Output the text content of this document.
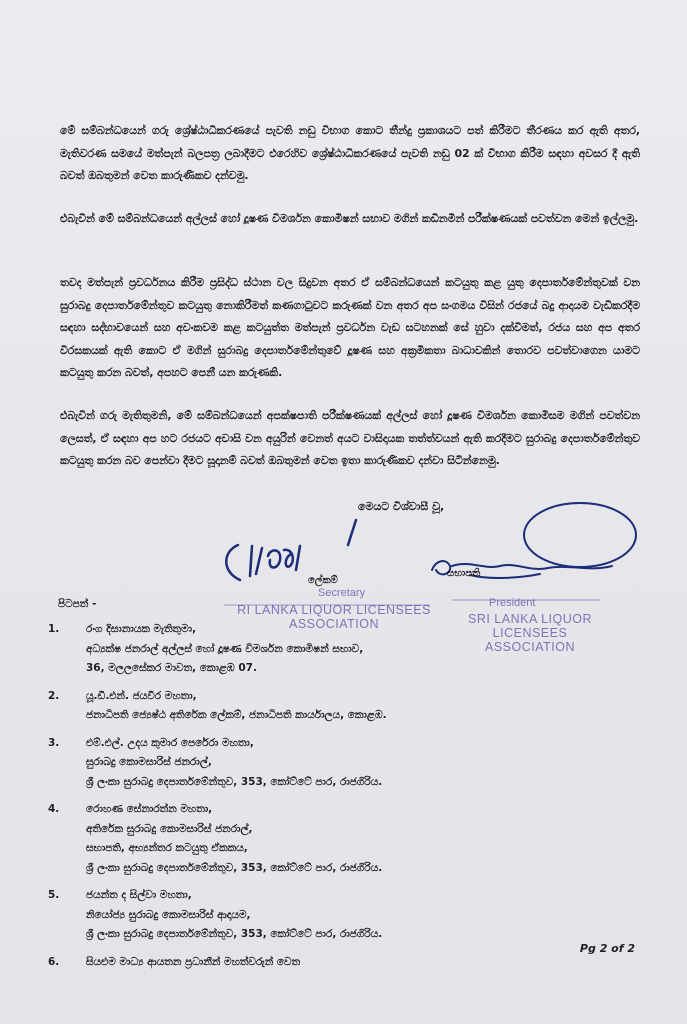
මේ සම්බන්ධයෙන් ගරු ශ්‍රේෂ්ඨාධිකරණයේ පැවති නඩු විභාග කොට තීන්දු ප්‍රකාශයට පත් කිරීමට තීරණය කර ඇති අතර, මැතිවරණ සමයේ මත්පැන් බලපත්‍ර ලබාදීමට එරෙහිව ශ්‍රේෂ්ඨාධිකරණයේ පැවති නඩු 02 ක් විභාග කිරීම සඳහා අවසර දී ඇති බවත් ඔබතුමන් වෙත කාරුණිකව දන්වමු.

එබැවින් මේ සම්බන්ධයෙන් අල්ලස් හෝ දූෂණ විමර්ශන කොමිෂන් සභාව මගින් කඩිනමින් පරීක්ෂණයක් පවත්වන මෙන් ඉල්ලමු.

තවද මත්පැන් ප්‍රවර්ධනය කිරීම ප්‍රසිද්ධ ස්ථාන වල සිදුවන අතර ඒ සම්බන්ධයෙන් කටයුතු කළ යුතු දෙපාර්තමේන්තුවක් වන සුරාබදු දෙපාර්තමේන්තුව කටයුතු නොකිරීමත් කණගාටුවට කරුණක් වන අතර අප සංගමය විසින් රජයේ බදු ආදායම වැඩිකරදීම සඳහා සද්භාවයෙන් සහ අවංකවම කළ කටයුත්ත මත්පැන් ප්‍රවර්ධන වැඩ සටහනක් සේ හුවා දක්වීමත්, රජය සහ අප අතර විරසකයක් ඇති කොට ඒ මගින් සුරාබදු දෙපාර්තමේන්තුවේ දූෂණ සහ අක්‍රමිකතා බාධාවකින් තොරව පවත්වාගෙන යාමට කටයුතු කරන බවත්, අපහට පෙනී යන කරුණකි.

එබැවින් ගරු මැතිතුමනි, මේ සම්බන්ධයෙන් අපක්ෂපාති පරීක්ෂණයක් අල්ලස් හෝ දූෂණ විමර්ශන කොමිසම මගින් පවත්වන ලෙසත්, ඒ සඳහා අප හට රජයට අවාසි වන අයුරින් වෙනත් අයට වාසිදායක තත්ත්වයන් ඇති කරදීමට සුරාබදු දෙපාර්තමේන්තුව කටයුතු කරන බව පෙන්වා දීමට සූදානම් බවත් ඔබතුමන් වෙත ඉතා කාරුණිකව දන්වා සිටින්නෙමු.

මෙයට විශ්වාසී වූ,
ලේකම්
සභාපති
Secretary
RI LANKA LIQUOR LICENSEES
ASSOCIATION
President
SRI LANKA LIQUOR LICENSEES
ASSOCIATION
පිටපත් -
1.	රංග දිසානායක මැතිතුමා,
අධ්‍යක්ෂ ජනරාල් අල්ලස් හෝ දූෂණ විමර්ශන කොමිෂන් සභාව,
36, මලලසේකර මාවත, කොළඹ 07.
2.	යූ.ඩී.එන්. ජයවීර මහතා,
ජනාධිපති ජ්‍යෙෂ්ඨ අතිරේක ලේකම්, ජනාධිපති කාර්යාලය, කොළඹ.
3.	එම්.එල්. උදය කුමාර පෙරේරා මහතා,
සුරාබදු කොමසාරිස් ජනරාල්,
ශ්‍රී ලංකා සුරාබදු දෙපාර්තමේන්තුව, 353, කෝට්ටේ පාර, රාජගිරිය.
4.	රොහණ සේනාරත්න මහතා,
අතිරේක සුරාබදු කොමසාරිස් ජනරාල්,
සභාපති, අභ්‍යන්තර කටයුතු ඒකකය,
ශ්‍රී ලංකා සුරාබදු දෙපාර්තමේන්තුව, 353, කෝට්ටේ පාර, රාජගිරිය.
5.	ජයන්ත ද සිල්වා මහතා,
නියෝජ්‍ය සුරාබදු කොමසාරිස් ආදායම,
ශ්‍රී ලංකා සුරාබදු දෙපාර්තමේන්තුව, 353, කෝට්ටේ පාර, රාජගිරිය.
6.	සියළුම මාධ්‍ය ආයතන ප්‍රධානීන් මහත්වරුන් වෙත
Pg 2 of 2
